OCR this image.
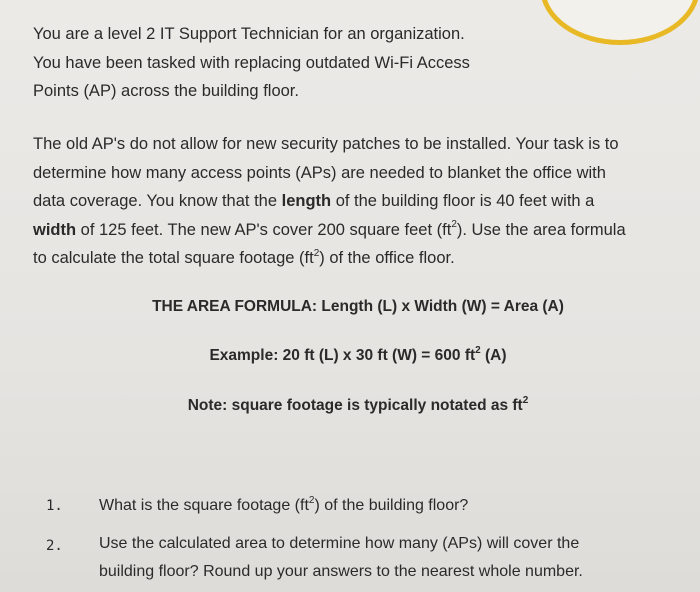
You are a level 2 IT Support Technician for an organization.
You have been tasked with replacing outdated Wi-Fi Access
Points (AP) across the building floor.
The old AP's do not allow for new security patches to be installed. Your task is to
determine how many access points (APs) are needed to blanket the office with
data coverage. You know that the length of the building floor is 40 feet with a
width of 125 feet. The new AP's cover 200 square feet $(ft^2)$. Use the area formula
to calculate the total square footage $(ft^2)$ of the office floor.
THE AREA FORMULA: Length (L) x Width (W) = Area (A)
Example: 20 ft (L) x 30 ft (W) = 600 $ft^2$ (A)
Note: square footage is typically notated as $ft^2$
1. What is the square footage $(ft^2)$ of the building floor?
2. Use the calculated area to determine how many (APs) will cover the
building floor? Round up your answers to the nearest whole number.
